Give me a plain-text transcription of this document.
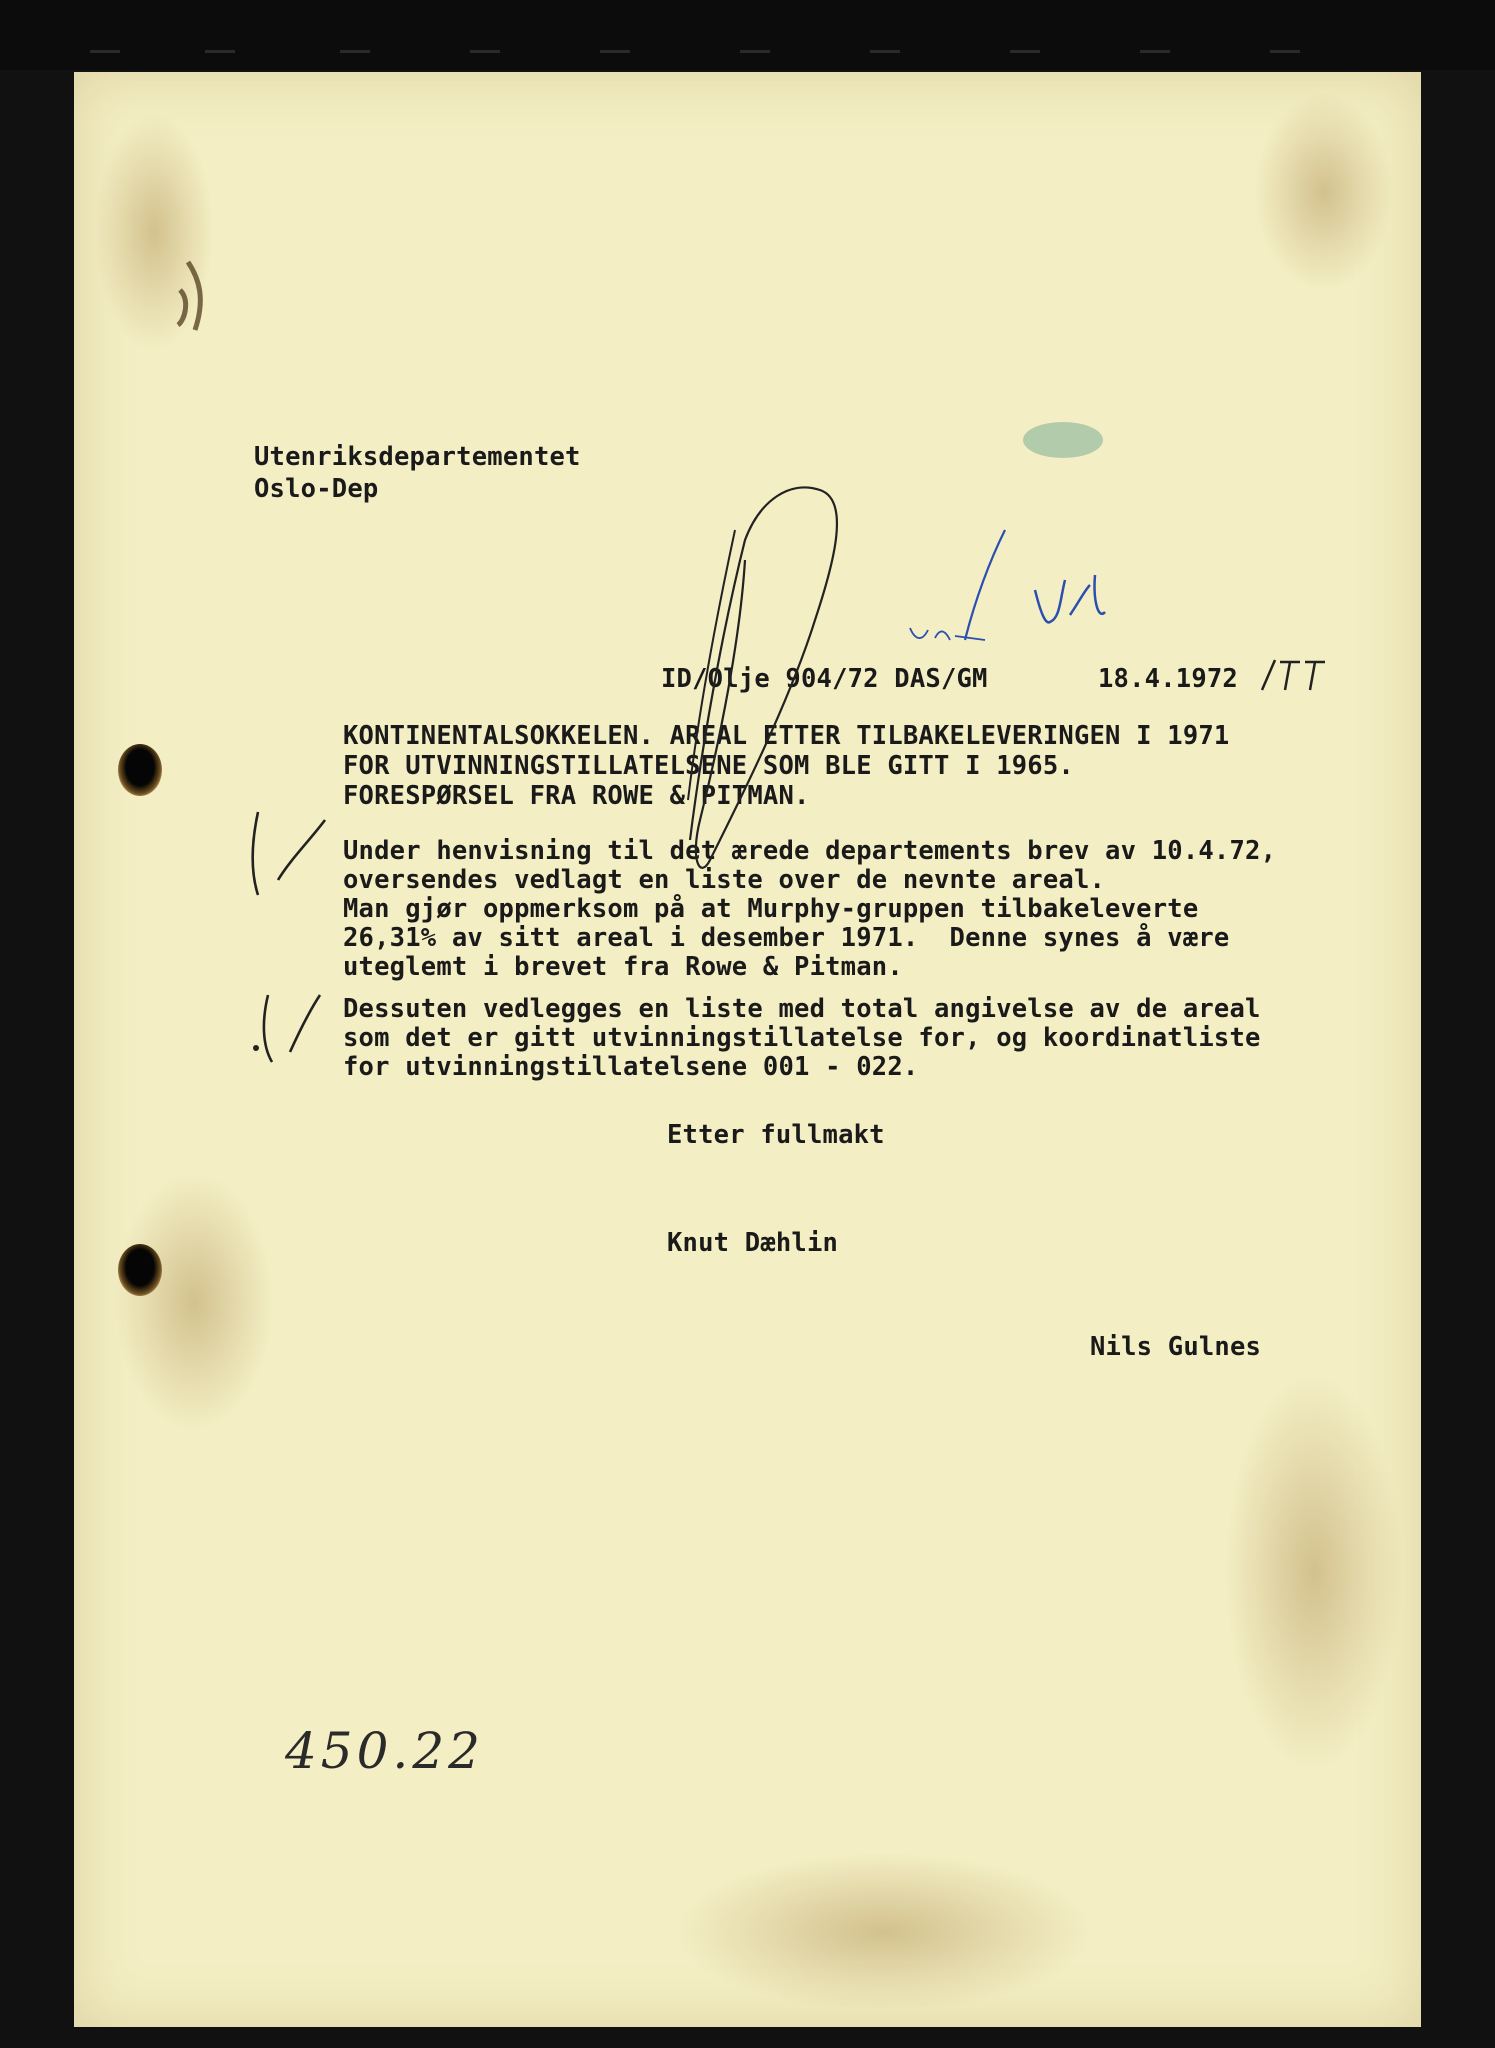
Utenriksdepartementet
Oslo-Dep
ID/Olje 904/72 DAS/GM	18.4.1972
KONTINENTALSOKKELEN. AREAL ETTER TILBAKELEVERINGEN I 1971
FOR UTVINNINGSTILLATELSENE SOM BLE GITT I 1965.
FORESPØRSEL FRA ROWE & PITMAN.
Under henvisning til det ærede departements brev av 10.4.72,
oversendes vedlagt en liste over de nevnte areal.
Man gjør oppmerksom på at Murphy-gruppen tilbakeleverte
26,31% av sitt areal i desember 1971.  Denne synes å være
uteglemt i brevet fra Rowe & Pitman.
Dessuten vedlegges en liste med total angivelse av de areal
som det er gitt utvinningstillatelse for, og koordinatliste
for utvinningstillatelsene 001 - 022.
Etter fullmakt
Knut Dæhlin
Nils Gulnes
450.22
